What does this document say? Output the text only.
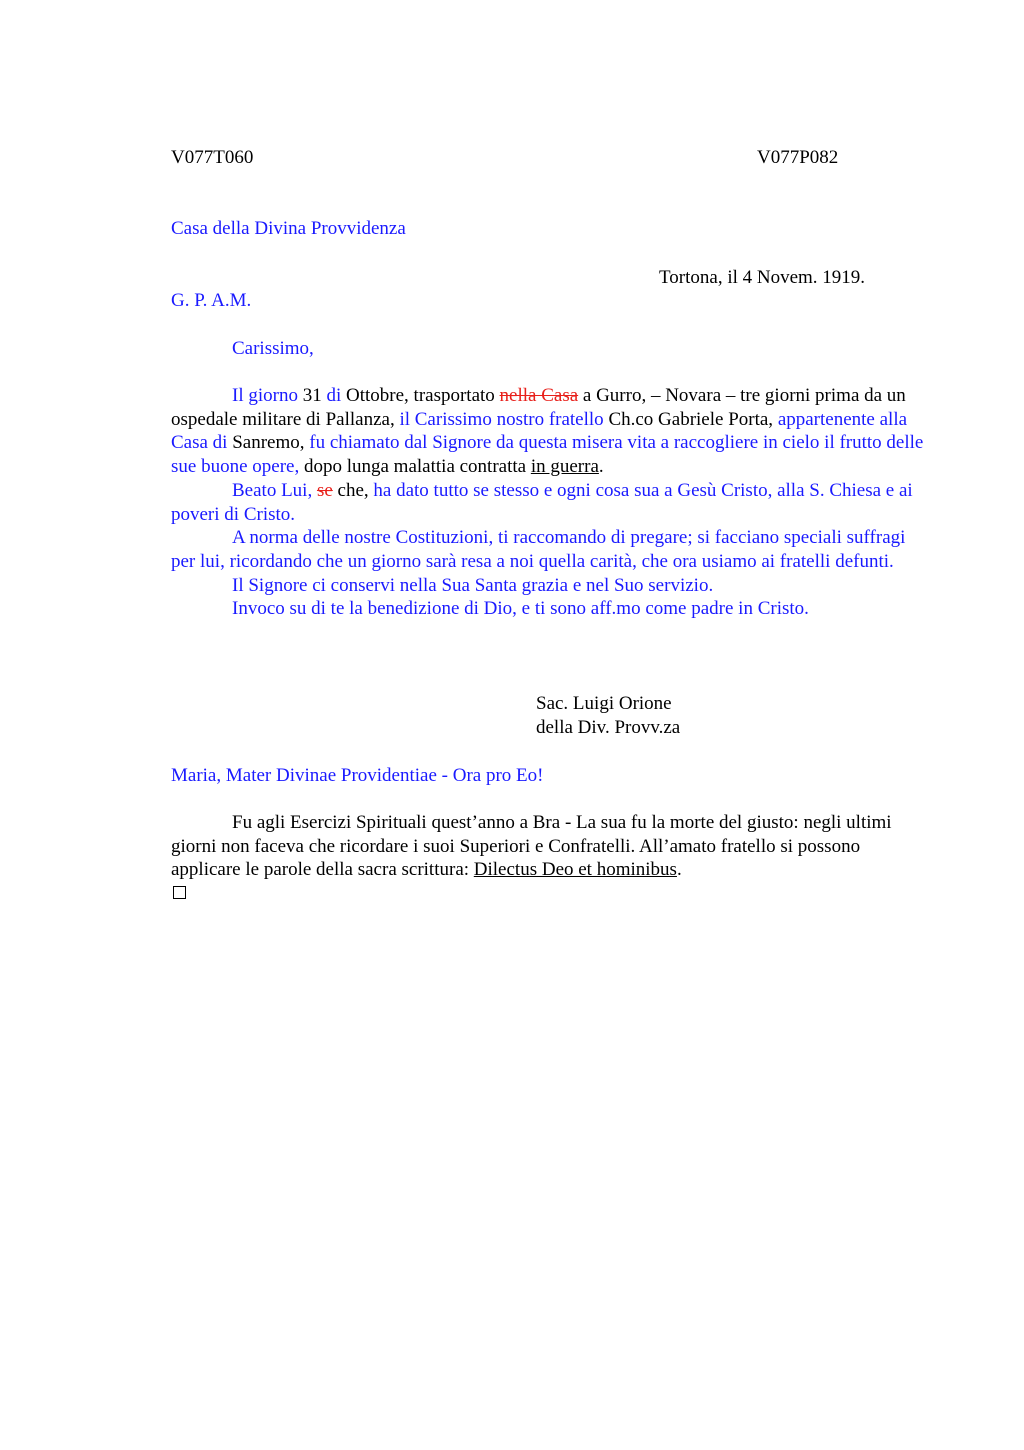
V077T060	V077P082
Casa della Divina Provvidenza
Tortona, il 4 Novem. 1919.
G. P. A.M.
Carissimo,

Il giorno 31 di Ottobre, trasportato nella Casa a Gurro, – Novara – tre giorni prima da un ospedale militare di Pallanza, il Carissimo nostro fratello Ch.co Gabriele Porta, appartenente alla Casa di Sanremo, fu chiamato dal Signore da questa misera vita a raccogliere in cielo il frutto delle sue buone opere, dopo lunga malattia contratta in guerra.

Beato Lui, se che, ha dato tutto se stesso e ogni cosa sua a Gesù Cristo, alla S. Chiesa e ai poveri di Cristo.

A norma delle nostre Costituzioni, ti raccomando di pregare; si facciano speciali suffragi per lui, ricordando che un giorno sarà resa a noi quella carità, che ora usiamo ai fratelli defunti.

Il Signore ci conservi nella Sua Santa grazia e nel Suo servizio.

Invoco su di te la benedizione di Dio, e ti sono aff.mo come padre in Cristo.

Sac. Luigi Orione
della Div. Provv.za
Maria, Mater Divinae Providentiae - Ora pro Eo!

Fu agli Esercizi Spirituali quest’anno a Bra - La sua fu la morte del giusto: negli ultimi giorni non faceva che ricordare i suoi Superiori e Confratelli. All’amato fratello si possono applicare le parole della sacra scrittura: Dilectus Deo et hominibus.
